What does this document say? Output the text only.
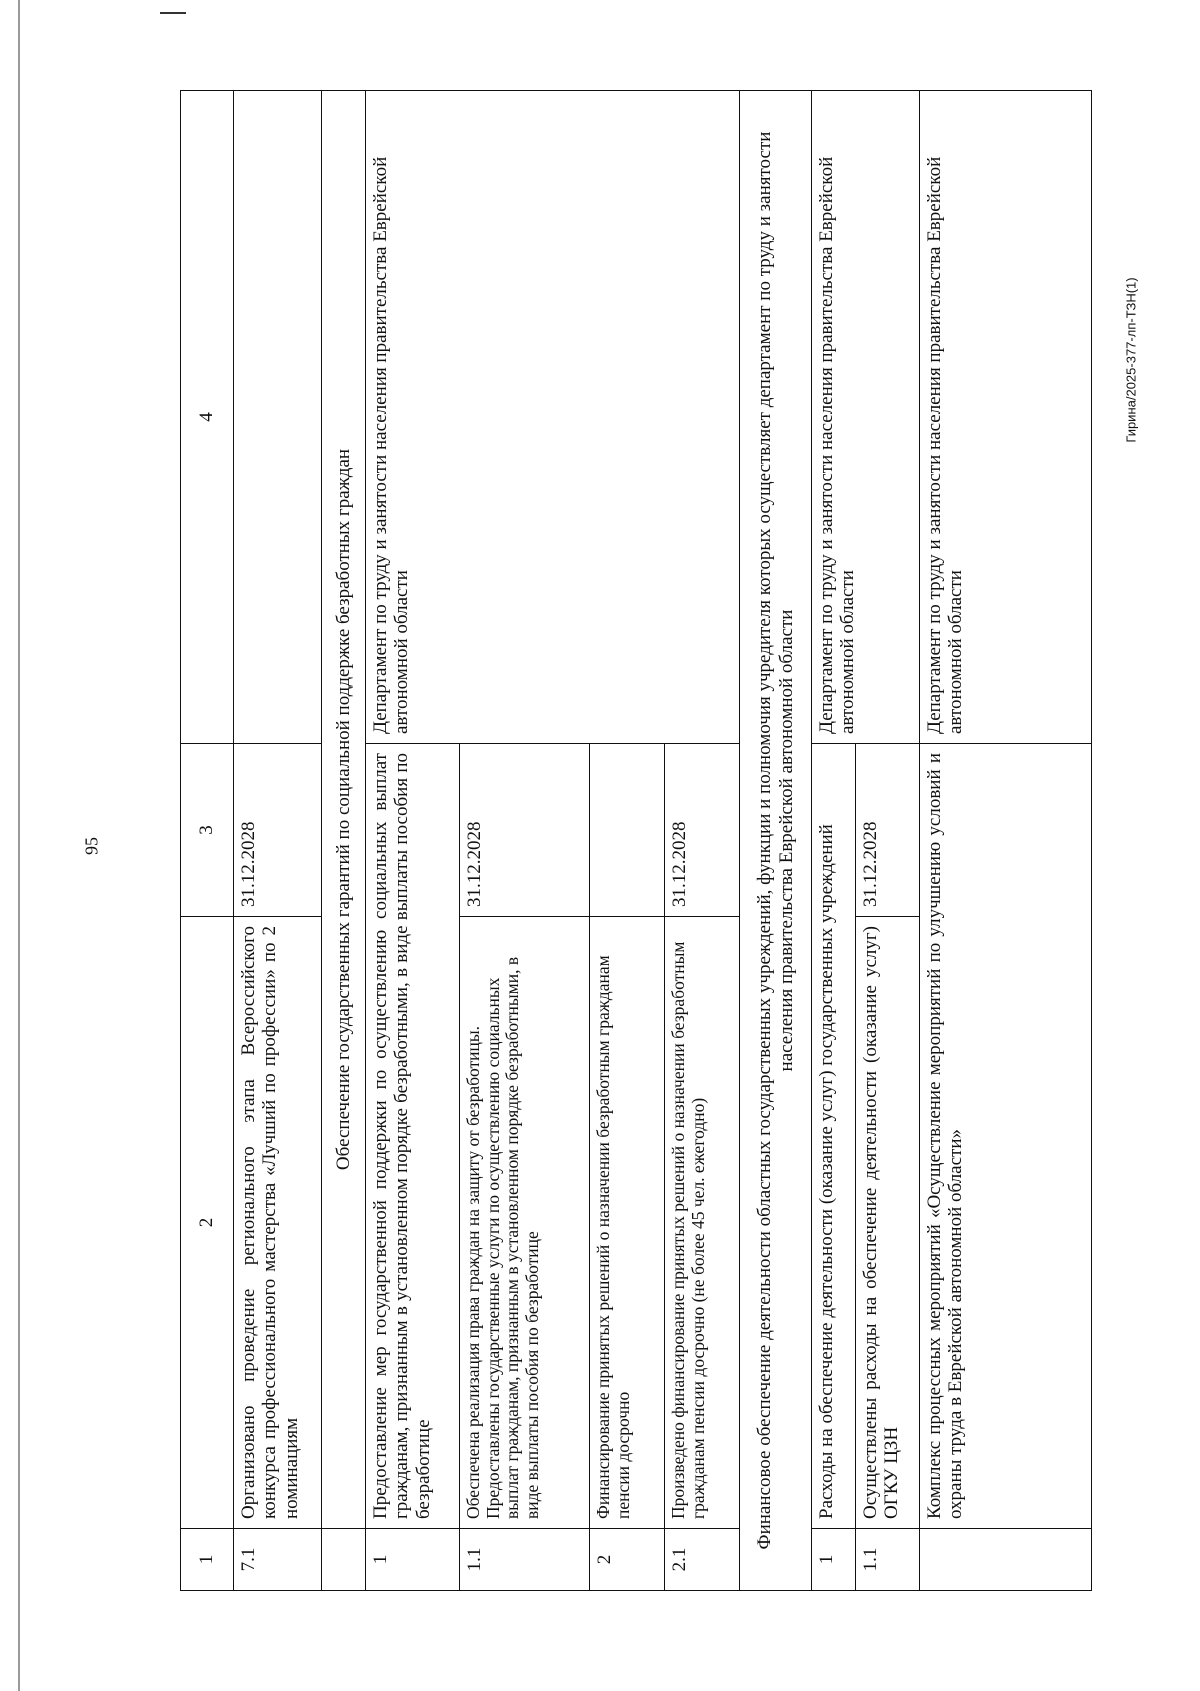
95
Гирина/2025-377-лп-ТЗН(1)
1	2	3	4
7.1	Организовано проведение регионального этапа Всероссийского конкурса профессионального мастерства «Лучший по профессии» по 2 номинациям	31.12.2028	
	Обеспечение государственных гарантий по социальной поддержке безработных граждан		
1	Предоставление мер государственной поддержки по осуществлению социальных выплат гражданам, признанным в установленном порядке безработными, в виде выплаты пособия по безработице		Департамент по труду и занятости населения правительства Еврейской автономной области
1.1	Обеспечена реализация права граждан на защиту от безработицы. Предоставлены государственные услуги по осуществлению социальных выплат гражданам, признанным в установленном порядке безработными, в виде выплаты пособия по безработице	31.12.2028	
2	Финансирование принятых решений о назначении безработным гражданам пенсии досрочно		
2.1	Произведено финансирование принятых решений о назначении безработным гражданам пенсии досрочно (не более 45 чел. ежегодно)	31.12.2028	
Финансовое обеспечение деятельности областных государственных учреждений, функции и полномочия учредителя которых осуществляет департамент по труду и занятости населения правительства Еврейской автономной области			
1	Расходы на обеспечение деятельности (оказание услуг) государственных учреждений		Департамент по труду и занятости населения правительства Еврейской автономной области
1.1	Осуществлены расходы на обеспечение деятельности (оказание услуг) ОГКУ ЦЗН	31.12.2028	
	Комплекс процессных мероприятий «Осуществление мероприятий по улучшению условий и охраны труда в Еврейской автономной области»		Департамент по труду и занятости населения правительства Еврейской автономной области
